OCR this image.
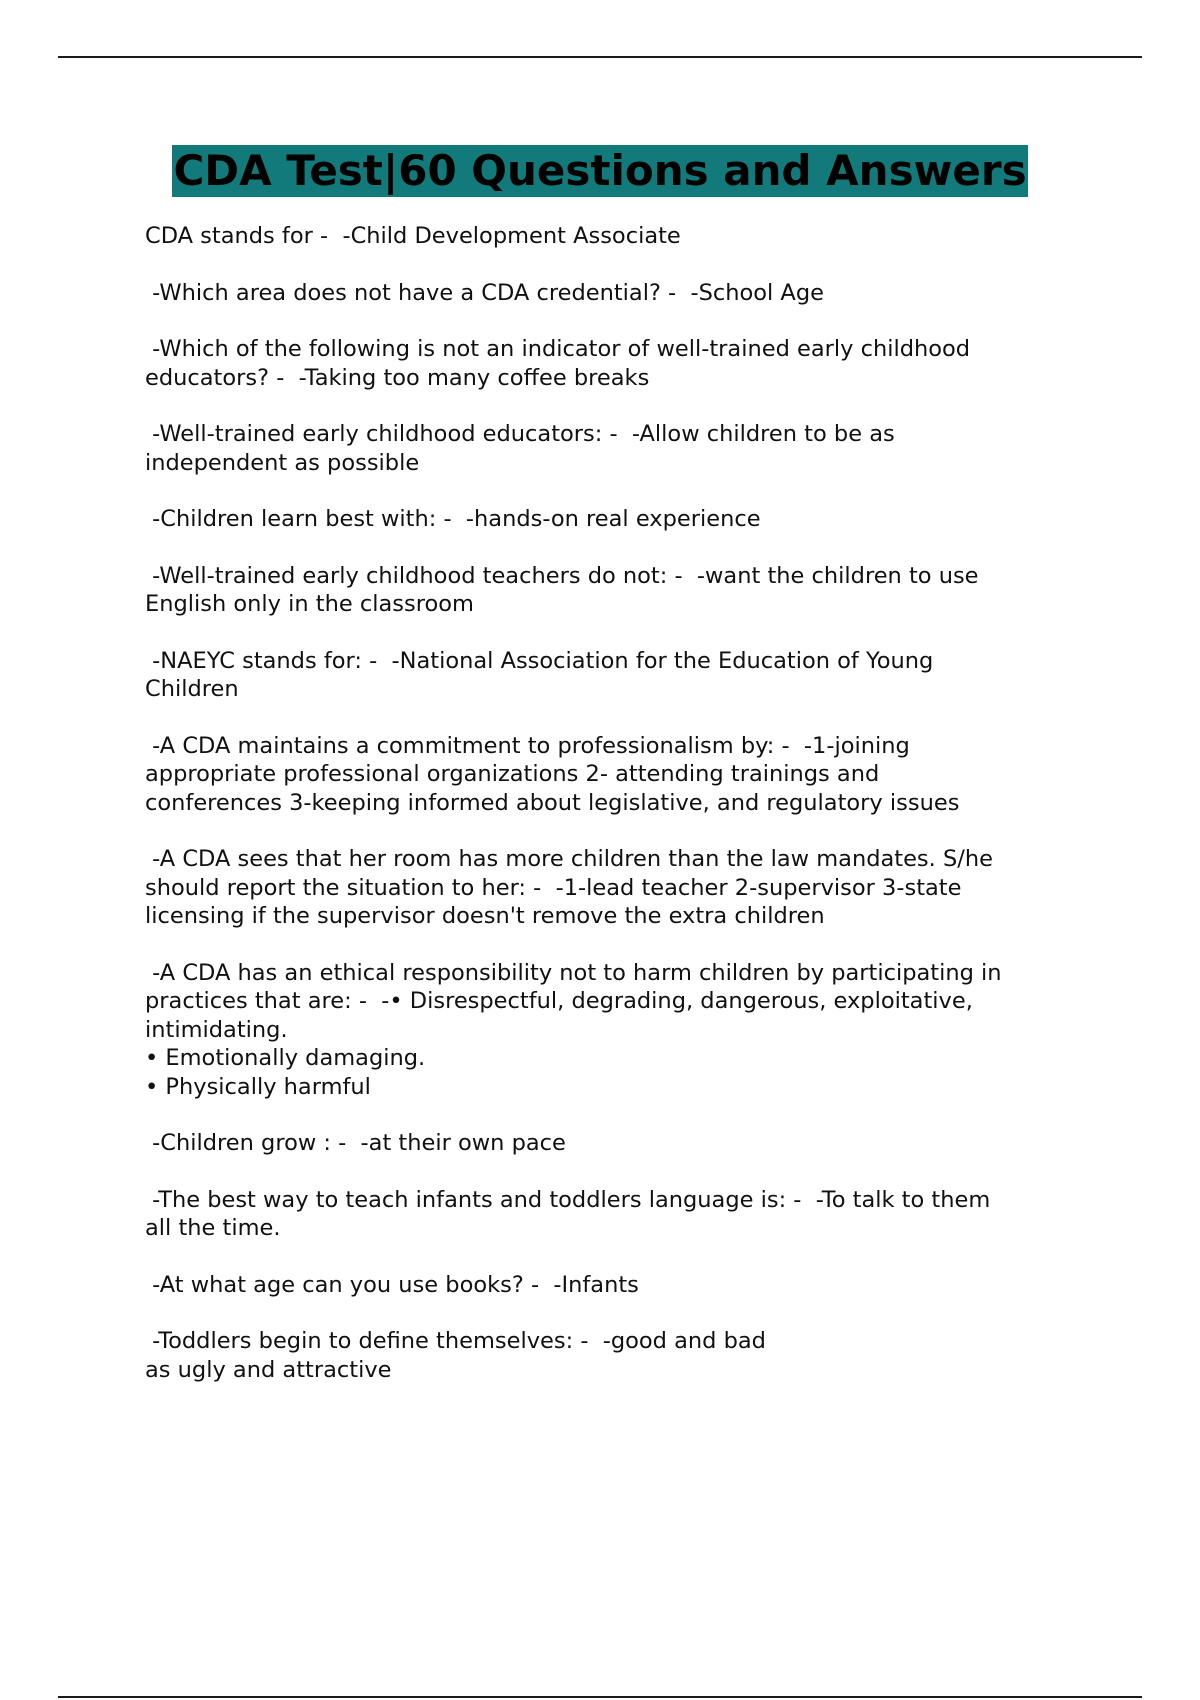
CDA Test|60 Questions and Answers
CDA stands for -  -Child Development Associate
-Which area does not have a CDA credential? -  -School Age
-Which of the following is not an indicator of well-trained early childhood
educators? -  -Taking too many coffee breaks
-Well-trained early childhood educators: -  -Allow children to be as
independent as possible
-Children learn best with: -  -hands-on real experience
-Well-trained early childhood teachers do not: -  -want the children to use
English only in the classroom
-NAEYC stands for: -  -National Association for the Education of Young
Children
-A CDA maintains a commitment to professionalism by: -  -1-joining
appropriate professional organizations 2- attending trainings and
conferences 3-keeping informed about legislative, and regulatory issues
-A CDA sees that her room has more children than the law mandates. S/he
should report the situation to her: -  -1-lead teacher 2-supervisor 3-state
licensing if the supervisor doesn't remove the extra children
-A CDA has an ethical responsibility not to harm children by participating in
practices that are: -  -• Disrespectful, degrading, dangerous, exploitative,
intimidating.
• Emotionally damaging.
• Physically harmful
-Children grow : -  -at their own pace
-The best way to teach infants and toddlers language is: -  -To talk to them
all the time.
-At what age can you use books? -  -Infants
-Toddlers begin to define themselves: -  -good and bad
as ugly and attractive
